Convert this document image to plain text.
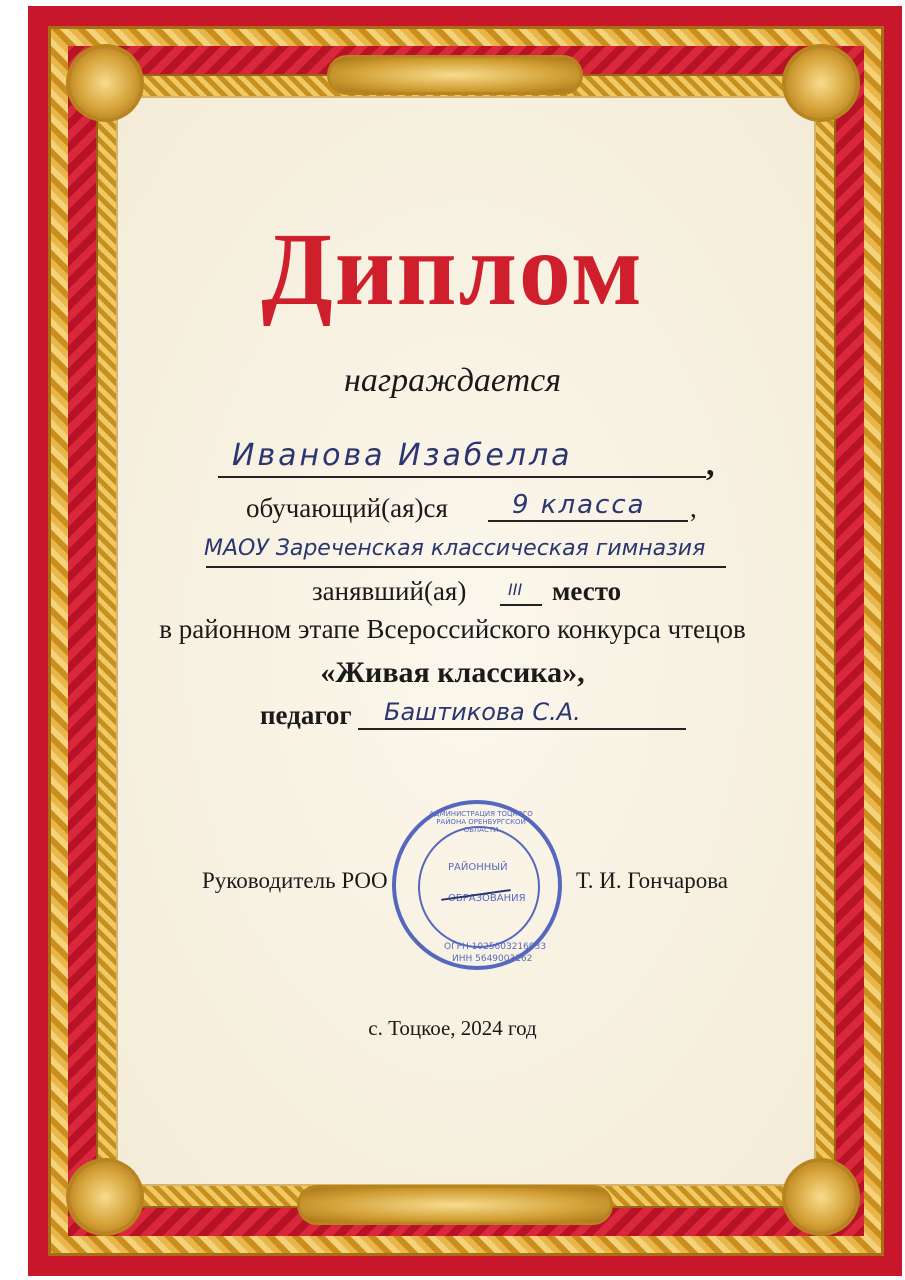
Диплом
награждается
Иванова Изабелла	,
обучающий(ая)ся 9 класса ,
МАОУ Зареченская классическая гимназия
занявший(ая)	III место
в районном этапе Всероссийского конкурса чтецов
«Живая классика»,
педагог Баштикова С.А.
Руководитель РОО	Т. И. Гончарова
АДМИНИСТРАЦИЯ ТОЦКОГО РАЙОНА ОРЕНБУРГСКОЙ ОБЛАСТИ
РАЙОННЫЙ
ОБРАЗОВАНИЯ
ОГРН 1025603216033
ИНН 5649003162
с. Тоцкое, 2024 год
